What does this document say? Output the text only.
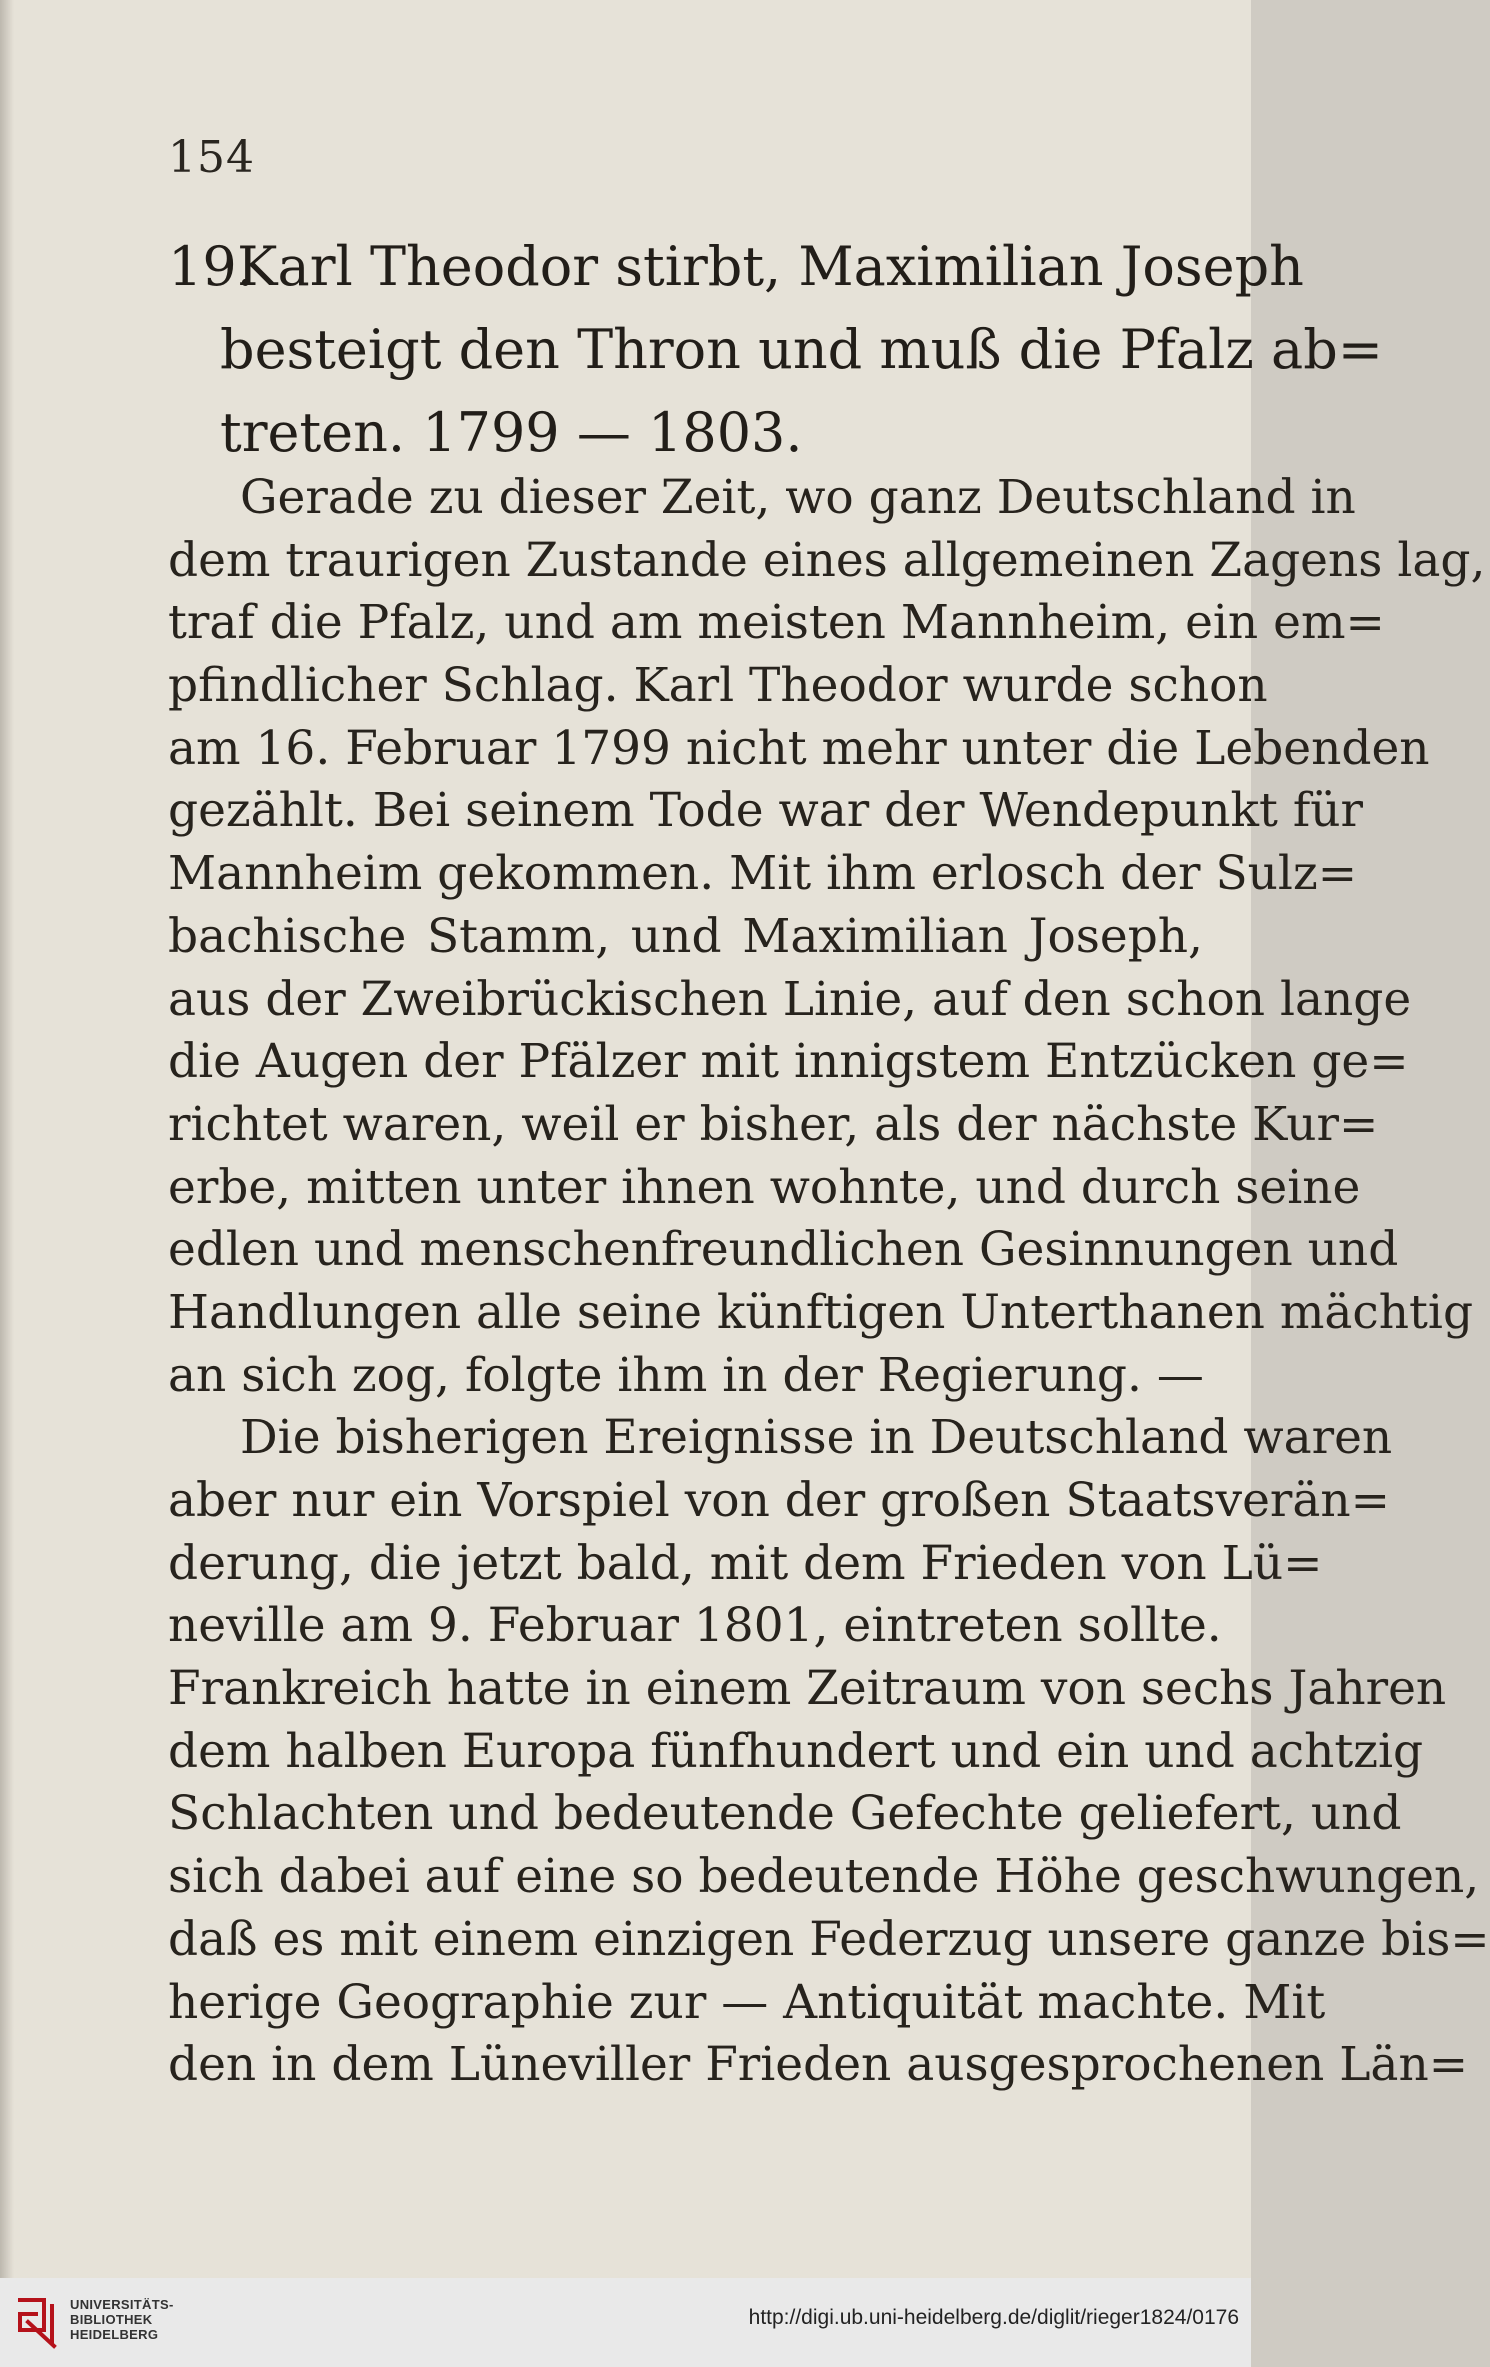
154
19. Karl Theodor stirbt, Maximilian Joseph
besteigt den Thron und muß die Pfalz ab=
treten. 1799 — 1803.
Gerade zu dieser Zeit, wo ganz Deutschland in
dem traurigen Zustande eines allgemeinen Zagens lag,
traf die Pfalz, und am meisten Mannheim, ein em=
pfindlicher Schlag. Karl Theodor wurde schon
am 16. Februar 1799 nicht mehr unter die Lebenden
gezählt. Bei seinem Tode war der Wendepunkt für
Mannheim gekommen. Mit ihm erlosch der Sulz=
bachische Stamm, und Maximilian Joseph,
aus der Zweibrückischen Linie, auf den schon lange
die Augen der Pfälzer mit innigstem Entzücken ge=
richtet waren, weil er bisher, als der nächste Kur=
erbe, mitten unter ihnen wohnte, und durch seine
edlen und menschenfreundlichen Gesinnungen und
Handlungen alle seine künftigen Unterthanen mächtig
an sich zog, folgte ihm in der Regierung. —
Die bisherigen Ereignisse in Deutschland waren
aber nur ein Vorspiel von der großen Staatsverän=
derung, die jetzt bald, mit dem Frieden von Lü=
neville am 9. Februar 1801, eintreten sollte.
Frankreich hatte in einem Zeitraum von sechs Jahren
dem halben Europa fünfhundert und ein und achtzig
Schlachten und bedeutende Gefechte geliefert, und
sich dabei auf eine so bedeutende Höhe geschwungen,
daß es mit einem einzigen Federzug unsere ganze bis=
herige Geographie zur — Antiquität machte. Mit
den in dem Lüneviller Frieden ausgesprochenen Län=
UNIVERSITÄTS-
BIBLIOTHEK
HEIDELBERG
http://digi.ub.uni-heidelberg.de/diglit/rieger1824/0176
